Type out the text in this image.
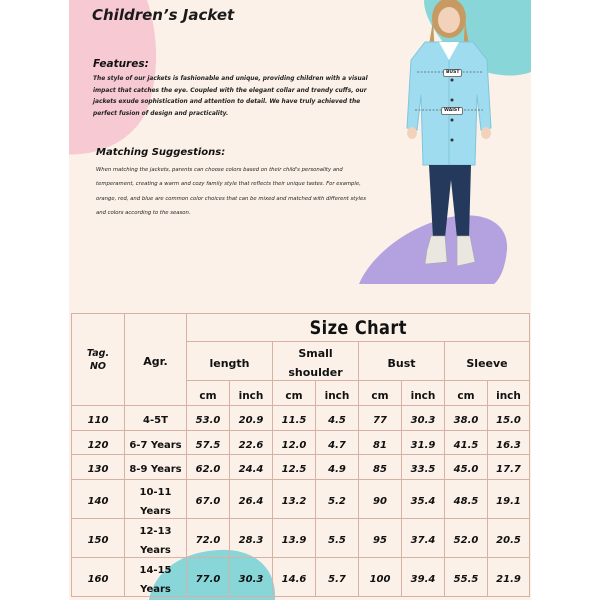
Children’s Jacket
Features:
The style of our jackets is fashionable and unique, providing children with a visual impact that catches the eye. Coupled with the elegant collar and trendy cuffs, our jackets exude sophistication and attention to detail. We have truly achieved the perfect fusion of design and practicality.
Matching Suggestions:
When matching the jackets, parents can choose colors based on their child's personality and temperament, creating a warm and cozy family style that reflects their unique tastes. For example, orange, red, and blue are common color choices that can be mixed and matched with different styles and colors according to the season.
BUST
WAIST
Tag.
NO	Agr.	Size Chart							
		length		Small shoulder		Bust		Sleeve	
		cm	inch	cm	inch	cm	inch	cm	inch
110	4-5T	53.0	20.9	11.5	4.5	77	30.3	38.0	15.0
120	6-7 Years	57.5	22.6	12.0	4.7	81	31.9	41.5	16.3
130	8-9 Years	62.0	24.4	12.5	4.9	85	33.5	45.0	17.7
140	10-11 Years	67.0	26.4	13.2	5.2	90	35.4	48.5	19.1
150	12-13 Years	72.0	28.3	13.9	5.5	95	37.4	52.0	20.5
160	14-15 Years	77.0	30.3	14.6	5.7	100	39.4	55.5	21.9
